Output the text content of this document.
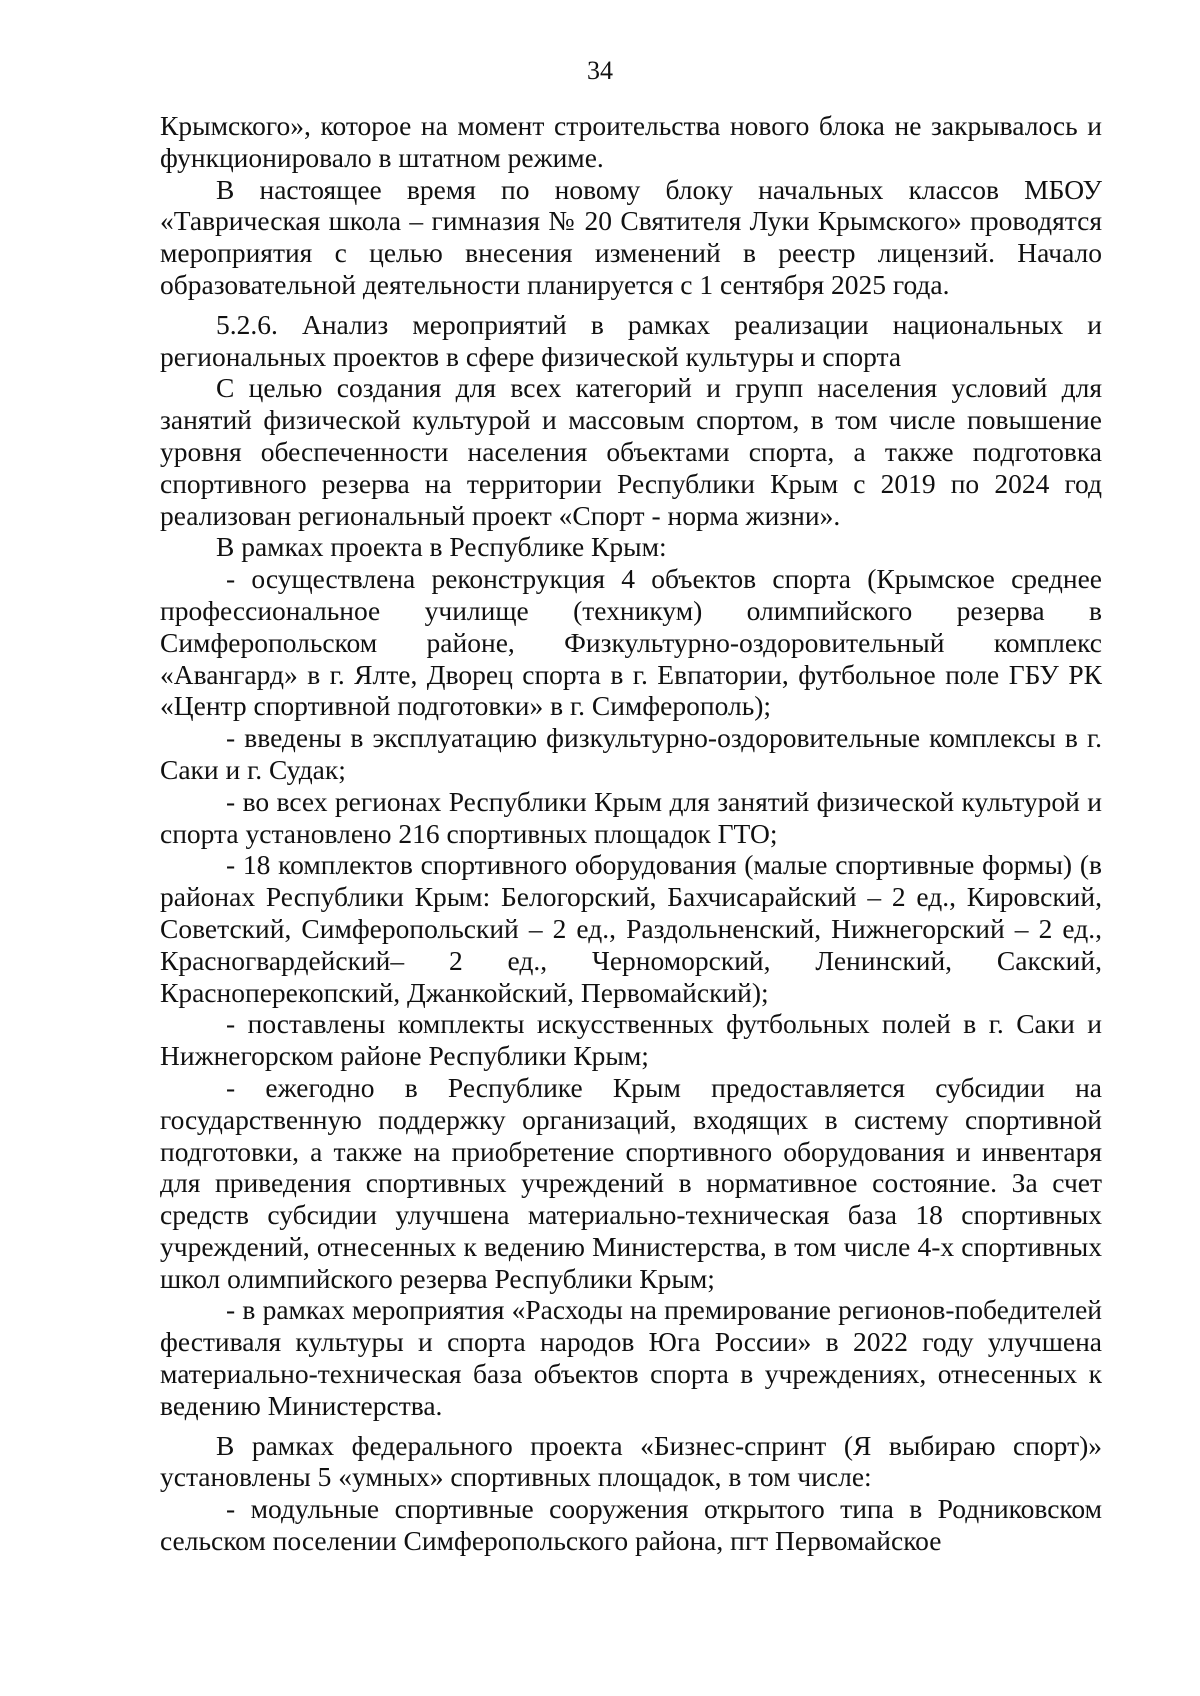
34

Крымского», которое на момент строительства нового блока не закрывалось и функционировало в штатном режиме.

В настоящее время по новому блоку начальных классов МБОУ «Таврическая школа – гимназия № 20 Святителя Луки Крымского» проводятся мероприятия с целью внесения изменений в реестр лицензий. Начало образовательной деятельности планируется с 1 сентября 2025 года.

5.2.6. Анализ мероприятий в рамках реализации национальных и региональных проектов в сфере физической культуры и спорта

С целью создания для всех категорий и групп населения условий для занятий физической культурой и массовым спортом, в том числе повышение уровня обеспеченности населения объектами спорта, а также подготовка спортивного резерва на территории Республики Крым с 2019 по 2024 год реализован региональный проект «Спорт - норма жизни».

В рамках проекта в Республике Крым:

- осуществлена реконструкция 4 объектов спорта (Крымское среднее профессиональное училище (техникум) олимпийского резерва в Симферопольском районе, Физкультурно-оздоровительный комплекс «Авангард» в г. Ялте, Дворец спорта в г. Евпатории, футбольное поле ГБУ РК «Центр спортивной подготовки» в г. Симферополь);

- введены в эксплуатацию физкультурно-оздоровительные комплексы в г. Саки и г. Судак;

- во всех регионах Республики Крым для занятий физической культурой и спорта установлено 216 спортивных площадок ГТО;

- 18 комплектов спортивного оборудования (малые спортивные формы) (в районах Республики Крым: Белогорский, Бахчисарайский – 2 ед., Кировский, Советский, Симферопольский – 2 ед., Раздольненский, Нижнегорский – 2 ед., Красногвардейский– 2 ед., Черноморский, Ленинский, Сакский, Красноперекопский, Джанкойский, Первомайский);

- поставлены комплекты искусственных футбольных полей в г. Саки и Нижнегорском районе Республики Крым;

- ежегодно в Республике Крым предоставляется субсидии на государственную поддержку организаций, входящих в систему спортивной подготовки, а также на приобретение спортивного оборудования и инвентаря для приведения спортивных учреждений в нормативное состояние. За счет средств субсидии улучшена материально-техническая база 18 спортивных учреждений, отнесенных к ведению Министерства, в том числе 4-х спортивных школ олимпийского резерва Республики Крым;

- в рамках мероприятия «Расходы на премирование регионов-победителей фестиваля культуры и спорта народов Юга России» в 2022 году улучшена материально-техническая база объектов спорта в учреждениях, отнесенных к ведению Министерства.

В рамках федерального проекта «Бизнес-спринт (Я выбираю спорт)» установлены 5 «умных» спортивных площадок, в том числе:

- модульные спортивные сооружения открытого типа в Родниковском сельском поселении Симферопольского района, пгт Первомайское
